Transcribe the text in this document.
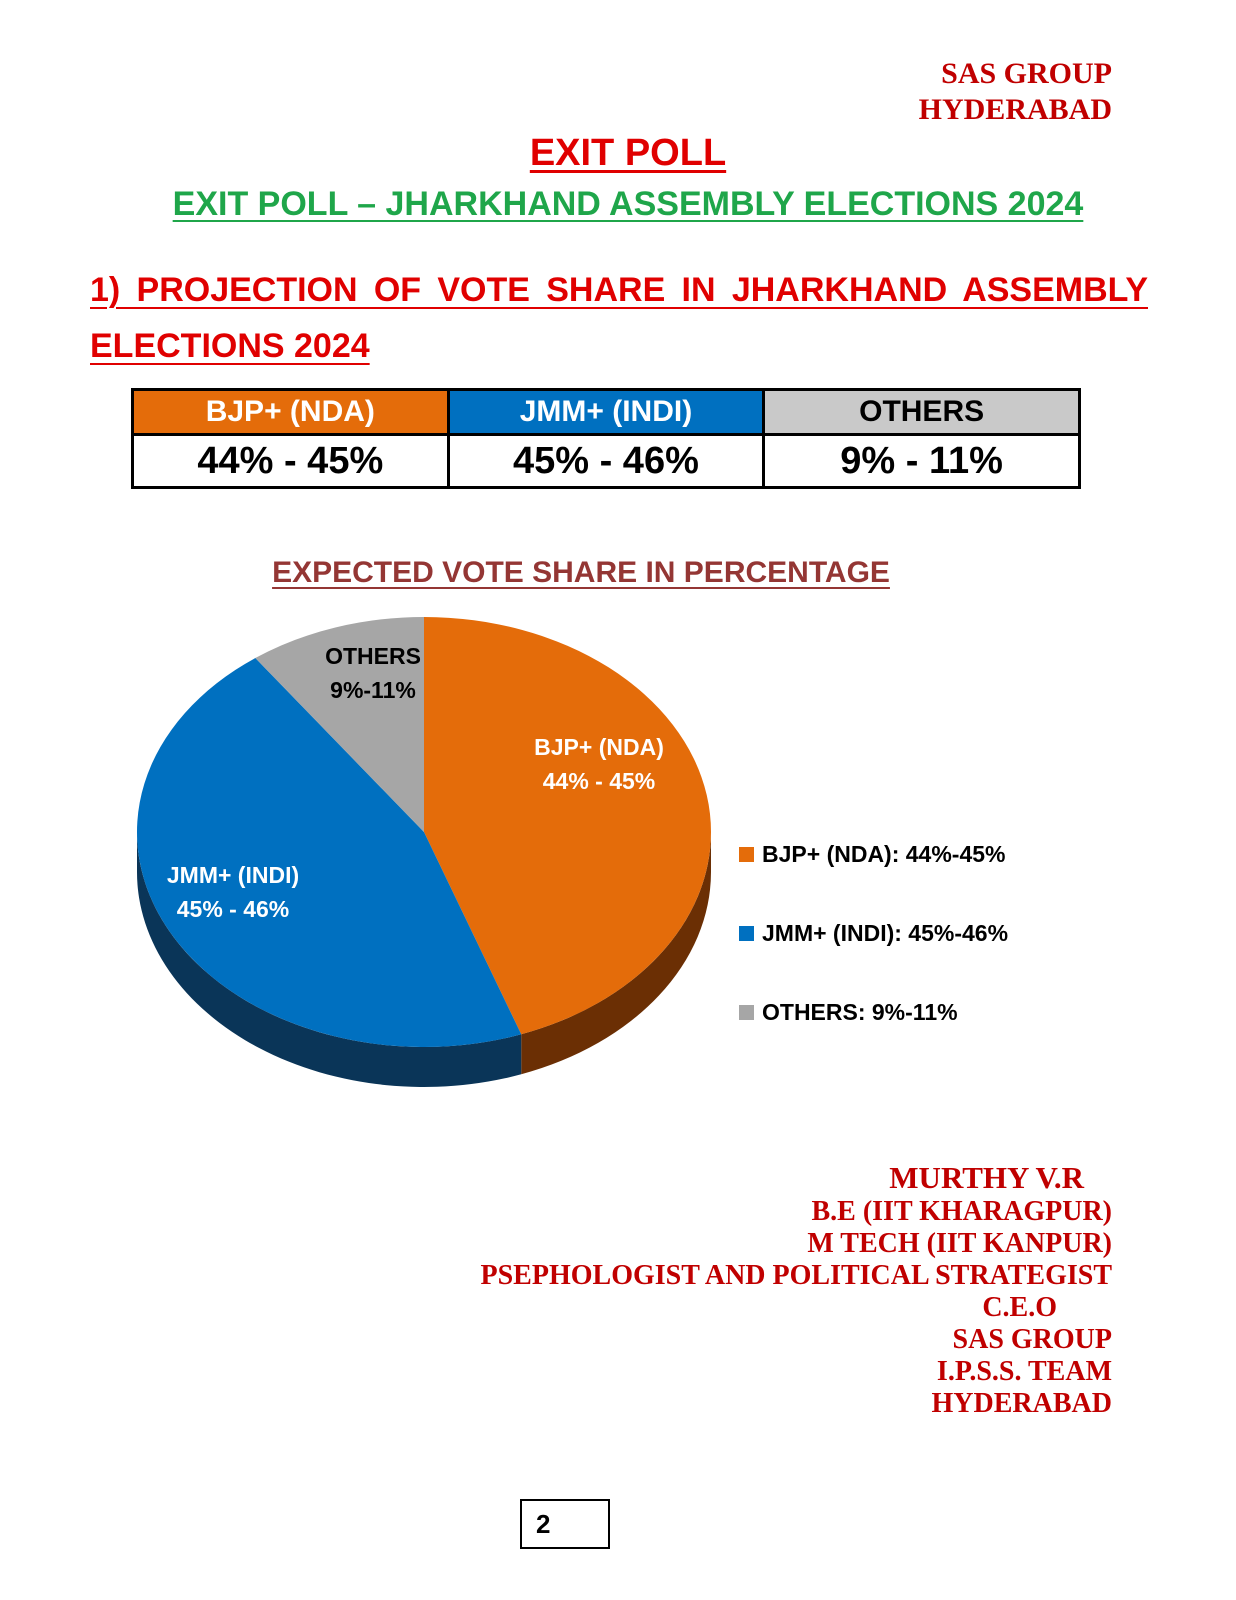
SAS GROUP
HYDERABAD
EXIT POLL
EXIT POLL – JHARKHAND ASSEMBLY ELECTIONS 2024
1) PROJECTION OF VOTE SHARE IN JHARKHAND ASSEMBLY ELECTIONS 2024
BJP+ (NDA)	JMM+ (INDI)	OTHERS
44% - 45%	45% - 46%	9% - 11%
EXPECTED VOTE SHARE IN PERCENTAGE
BJP+ (NDA)
44% - 45%
JMM+ (INDI)
45% - 46%
OTHERS
9%-11%
BJP+ (NDA): 44%-45%
JMM+ (INDI): 45%-46%
OTHERS: 9%-11%
MURTHY V.R
B.E (IIT KHARAGPUR)
M TECH (IIT KANPUR)
PSEPHOLOGIST AND POLITICAL STRATEGIST
C.E.O
SAS GROUP
I.P.S.S. TEAM
HYDERABAD
2
